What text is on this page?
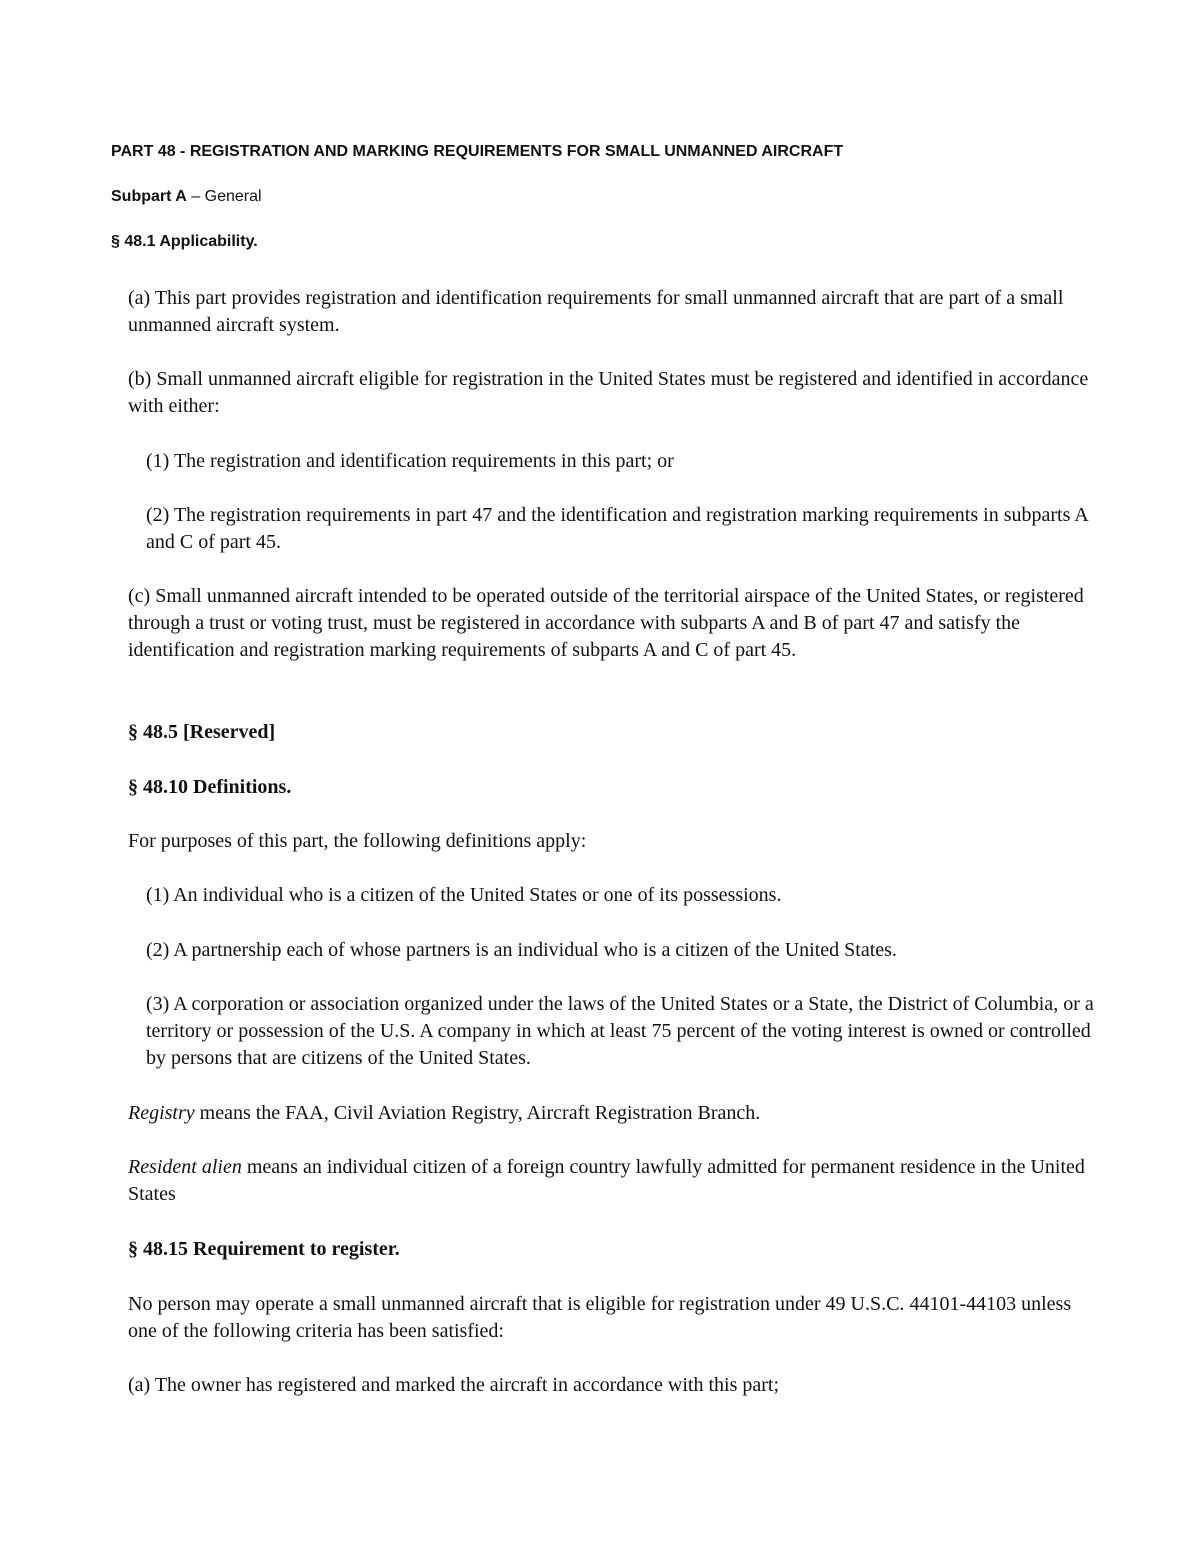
PART 48 - REGISTRATION AND MARKING REQUIREMENTS FOR SMALL UNMANNED AIRCRAFT
Subpart A – General
§ 48.1 Applicability.

(a) This part provides registration and identification requirements for small unmanned aircraft that are part of a small unmanned aircraft system.

(b) Small unmanned aircraft eligible for registration in the United States must be registered and identified in accordance with either:

(1) The registration and identification requirements in this part; or

(2) The registration requirements in part 47 and the identification and registration marking requirements in subparts A and C of part 45.

(c) Small unmanned aircraft intended to be operated outside of the territorial airspace of the United States, or registered through a trust or voting trust, must be registered in accordance with subparts A and B of part 47 and satisfy the identification and registration marking requirements of subparts A and C of part 45.

§ 48.5 [Reserved]

§ 48.10 Definitions.

For purposes of this part, the following definitions apply:

(1) An individual who is a citizen of the United States or one of its possessions.

(2) A partnership each of whose partners is an individual who is a citizen of the United States.

(3) A corporation or association organized under the laws of the United States or a State, the District of Columbia, or a territory or possession of the U.S. A company in which at least 75 percent of the voting interest is owned or controlled by persons that are citizens of the United States.

Registry means the FAA, Civil Aviation Registry, Aircraft Registration Branch.

Resident alien means an individual citizen of a foreign country lawfully admitted for permanent residence in the United States

§ 48.15 Requirement to register.

No person may operate a small unmanned aircraft that is eligible for registration under 49 U.S.C. 44101-44103 unless one of the following criteria has been satisfied:

(a) The owner has registered and marked the aircraft in accordance with this part;
